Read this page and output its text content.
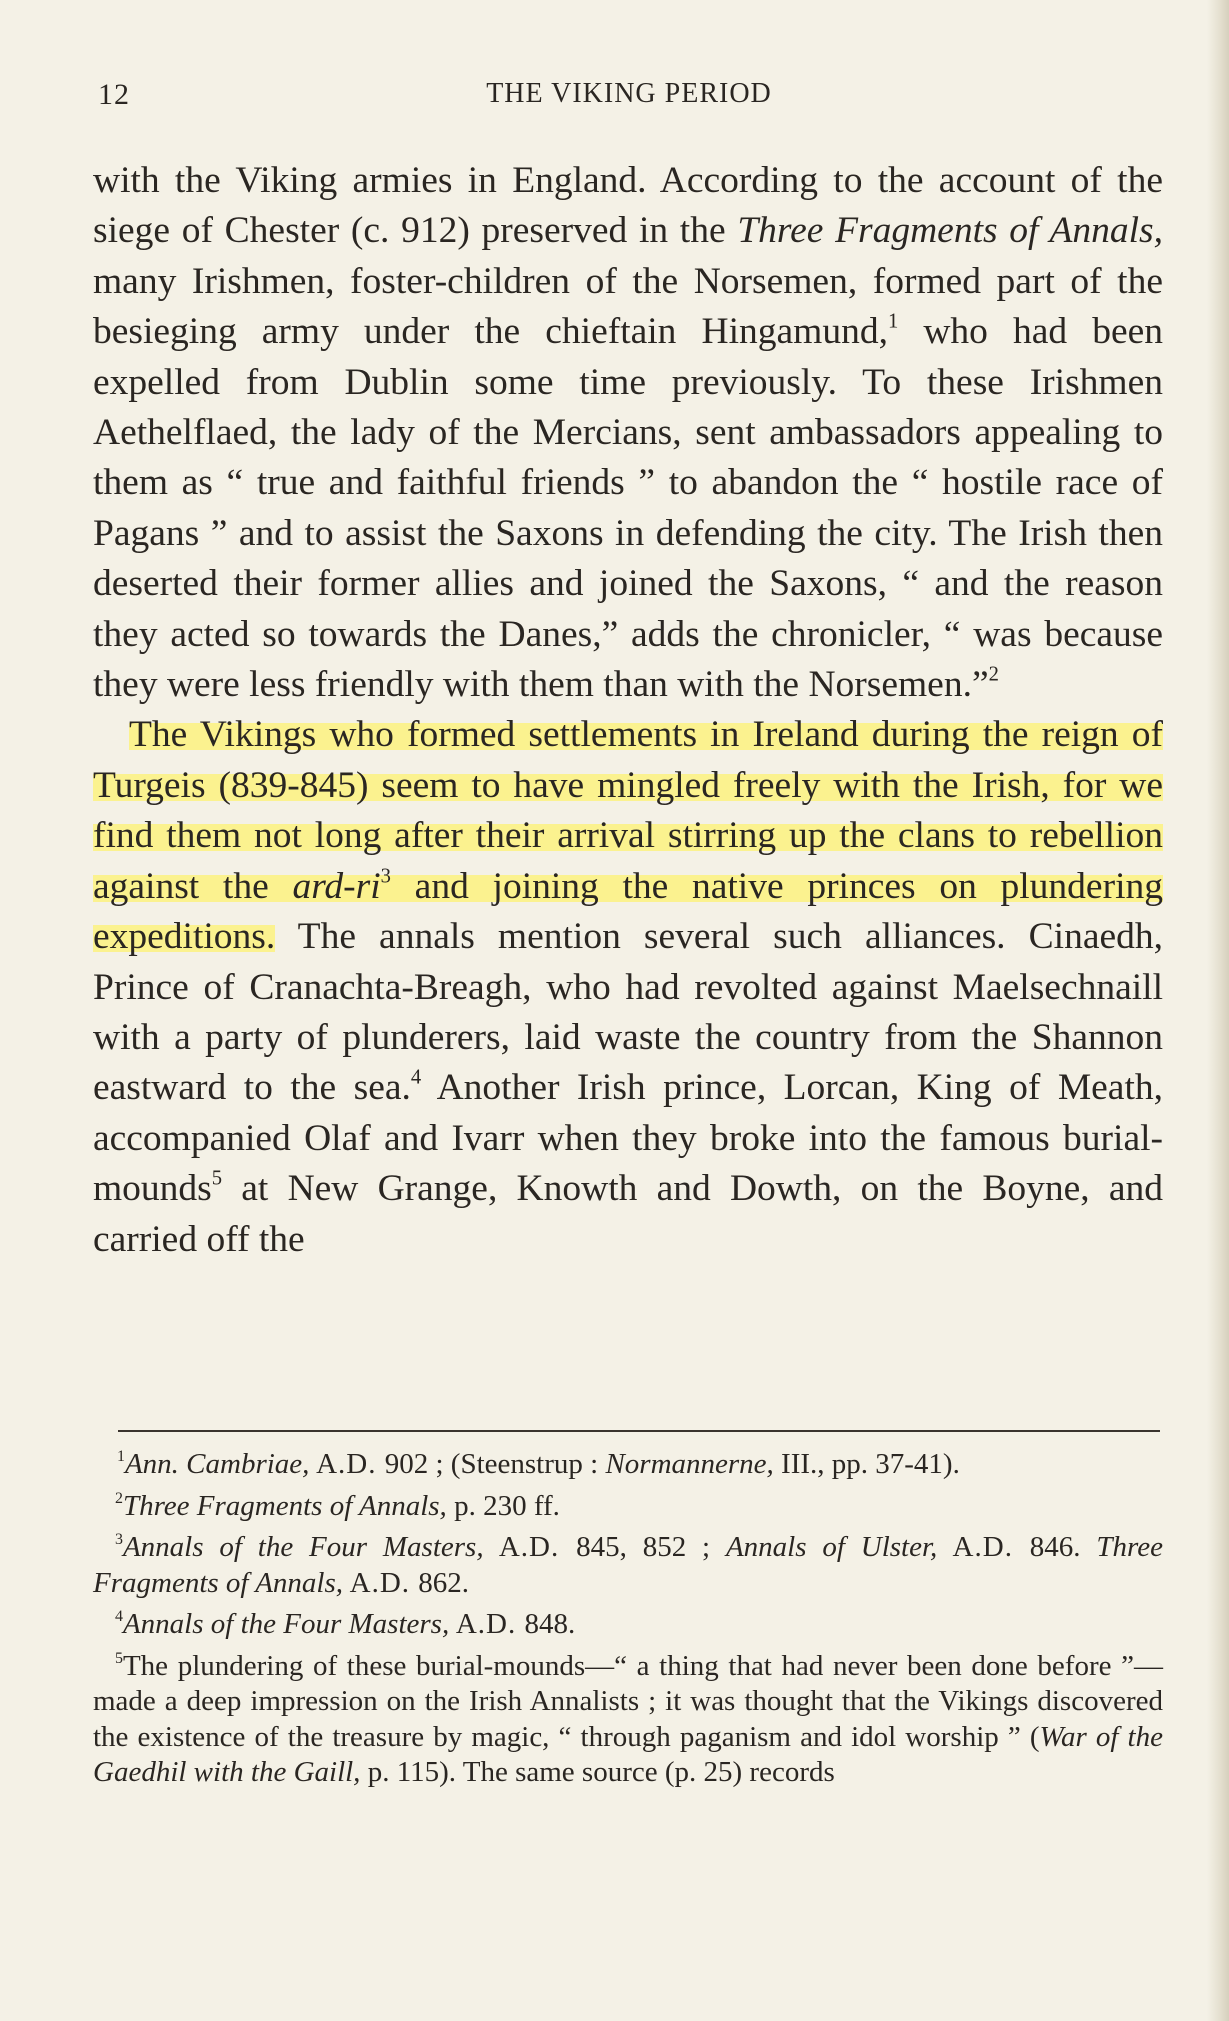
12	THE VIKING PERIOD

with the Viking armies in England. According to the account of the siege of Chester (c. 912) preserved in the Three Fragments of Annals, many Irishmen, foster-children of the Norsemen, formed part of the besieging army under the chieftain Hingamund,$^1$ who had been expelled from Dublin some time previously. To these Irishmen Aethelflaed, the lady of the Mercians, sent ambassadors appealing to them as “ true and faithful friends ” to abandon the “ hostile race of Pagans ” and to assist the Saxons in defending the city. The Irish then deserted their former allies and joined the Saxons, “ and the reason they acted so towards the Danes,” adds the chronicler, “ was because they were less friendly with them than with the Norsemen.”$^2$

The Vikings who formed settlements in Ireland during the reign of Turgeis (839-845) seem to have mingled freely with the Irish, for we find them not long after their arrival stirring up the clans to rebellion against the ard-$ri^3$ and joining the native princes on plundering expeditions. The annals mention several such alliances. Cinaedh, Prince of Cranachta-Breagh, who had revolted against Maelsechnaill with a party of plunderers, laid waste the country from the Shannon eastward to the sea.$^4$ Another Irish prince, Lorcan, King of Meath, accompanied Olaf and Ivarr when they broke into the famous burial-mounds$^5$ at New Grange, Knowth and Dowth, on the Boyne, and carried off the

$^1$Ann. Cambriae, A.D. 902 ; (Steenstrup : Normannerne, III., pp. 37-41).

$^2$Three Fragments of Annals, p. 230 ff.

$^3$Annals of the Four Masters, A.D. 845, 852 ; Annals of Ulster, A.D. 846. Three Fragments of Annals, A.D. 862.

$^4$Annals of the Four Masters, A.D. 848.

$^5$The plundering of these burial-mounds—“ a thing that had never been done before ”—made a deep impression on the Irish Annalists ; it was thought that the Vikings discovered the existence of the treasure by magic, “ through paganism and idol worship ” (War of the Gaedhil with the Gaill, p. 115). The same source (p. 25) records
